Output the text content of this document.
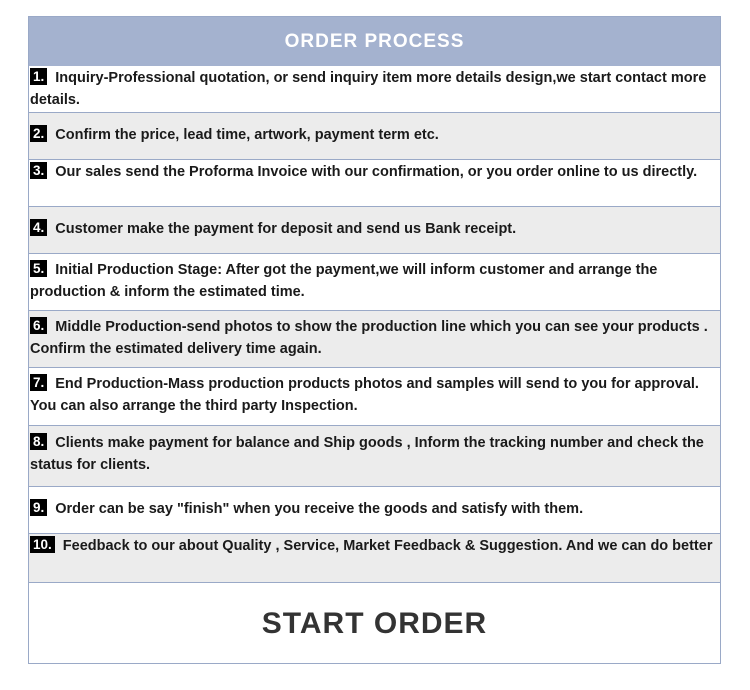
ORDER PROCESS
1. Inquiry-Professional quotation, or send inquiry item more details design,we start contact more details.
2. Confirm the price, lead time, artwork, payment term etc.
3. Our sales send the Proforma Invoice with our confirmation, or you order online to us directly.
4. Customer make the payment for deposit and send us Bank receipt.
5. Initial Production Stage: After got the payment,we will inform customer and arrange the production & inform the estimated time.
6. Middle Production-send photos to show the production line which you can see your products . Confirm the estimated delivery time again.
7. End Production-Mass production products photos and samples will send to you for approval. You can also arrange the third party Inspection.
8. Clients make payment for balance and Ship goods , Inform the tracking number and check the status for clients.
9. Order can be say "finish" when you receive the goods and satisfy with them.
10. Feedback to our about Quality , Service, Market Feedback & Suggestion. And we can do better
START ORDER
